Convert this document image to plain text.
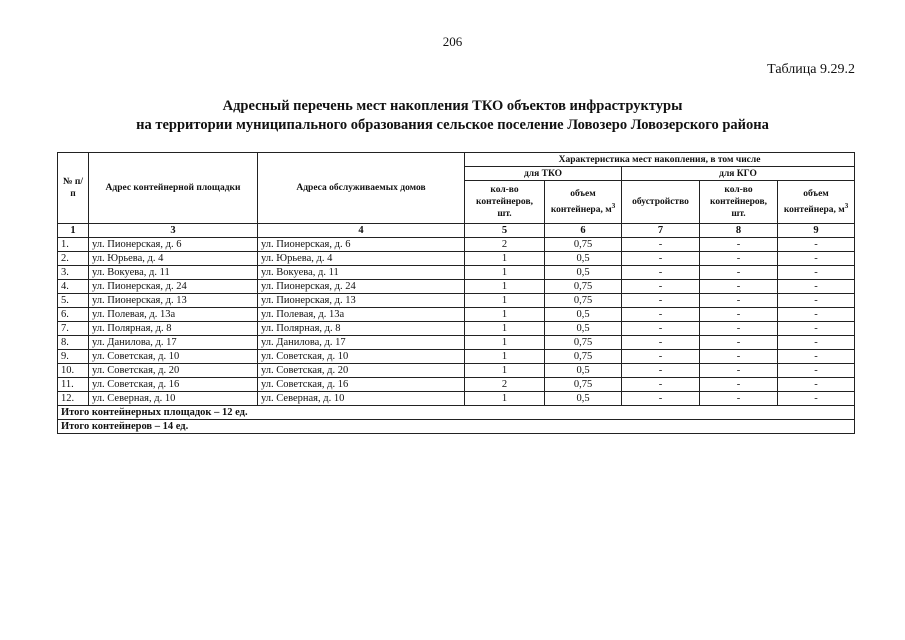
206
Таблица 9.29.2
Адресный перечень мест накопления ТКО объектов инфраструктуры
на территории муниципального образования сельское поселение Ловозеро Ловозерского района
№ п/п	Адрес контейнерной площадки	Адреса обслуживаемых домов	Характеристика мест накопления, в том числе				
			для ТКО		для КГО		
			кол-во контейнеров, шт.	объем контейнера, $м^3$	обустройство	кол-во контейнеров, шт.	объем контейнера, $м^3$
1	3	4	5	6	7	8	9
1.	ул. Пионерская, д. 6	ул. Пионерская, д. 6	2	0,75	-	-	-
2.	ул. Юрьева, д. 4	ул. Юрьева, д. 4	1	0,5	-	-	-
3.	ул. Вокуева, д. 11	ул. Вокуева, д. 11	1	0,5	-	-	-
4.	ул. Пионерская, д. 24	ул. Пионерская, д. 24	1	0,75	-	-	-
5.	ул. Пионерская, д. 13	ул. Пионерская, д. 13	1	0,75	-	-	-
6.	ул. Полевая, д. 13а	ул. Полевая, д. 13а	1	0,5	-	-	-
7.	ул. Полярная, д. 8	ул. Полярная, д. 8	1	0,5	-	-	-
8.	ул. Данилова, д. 17	ул. Данилова, д. 17	1	0,75	-	-	-
9.	ул. Советская, д. 10	ул. Советская, д. 10	1	0,75	-	-	-
10.	ул. Советская, д. 20	ул. Советская, д. 20	1	0,5	-	-	-
11.	ул. Советская, д. 16	ул. Советская, д. 16	2	0,75	-	-	-
12.	ул. Северная, д. 10	ул. Северная, д. 10	1	0,5	-	-	-
Итого контейнерных площадок – 12 ед.							
Итого контейнеров – 14 ед.							
